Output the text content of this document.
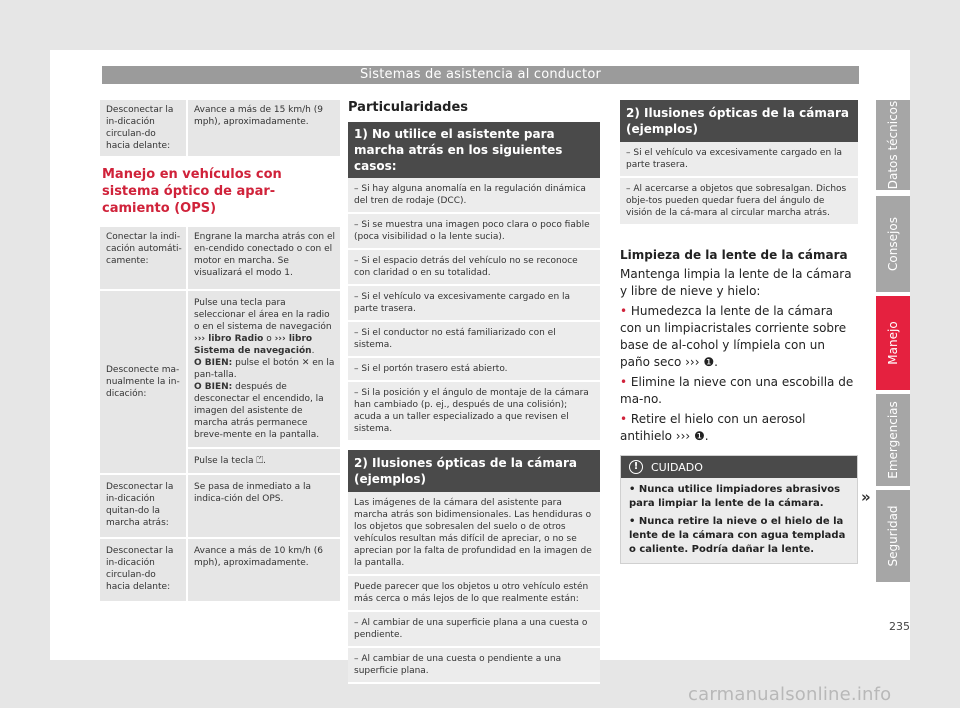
Sistemas de asistencia al conductor
Desconectar la in-dicación circulan-do hacia delante:
Avance a más de 15 km/h (9 mph), aproximadamente.
Manejo en vehículos con sistema óptico de apar-camiento (OPS)
Conectar la indi-cación automáti-camente:
Engrane la marcha atrás con el en-cendido conectado o con el motor en marcha. Se visualizará el modo 1.
Desconecte ma-nualmente la in-dicación:
Pulse una tecla para seleccionar el área en la radio o en el sistema de navegación ››› libro Radio o ››› libro Sistema de navegación.
O BIEN: pulse el botón ✕ en la pan-talla.
O BIEN: después de desconectar el encendido, la imagen del asistente de marcha atrás permanece breve-mente en la pantalla.
Pulse la tecla ⏍.
Desconectar la in-dicación quitan-do la marcha atrás:
Se pasa de inmediato a la indica-ción del OPS.
Desconectar la in-dicación circulan-do hacia delante:
Avance a más de 10 km/h (6 mph), aproximadamente.
Particularidades
1) No utilice el asistente para marcha atrás en los siguientes casos:
– Si hay alguna anomalía en la regulación dinámica del tren de rodaje (DCC).
– Si se muestra una imagen poco clara o poco fiable (poca visibilidad o la lente sucia).
– Si el espacio detrás del vehículo no se reconoce con claridad o en su totalidad.
– Si el vehículo va excesivamente cargado en la parte trasera.
– Si el conductor no está familiarizado con el sistema.
– Si el portón trasero está abierto.
– Si la posición y el ángulo de montaje de la cámara han cambiado (p. ej., después de una colisión); acuda a un taller especializado a que revisen el sistema.
2) Ilusiones ópticas de la cámara (ejemplos)
Las imágenes de la cámara del asistente para marcha atrás son bidimensionales. Las hendiduras o los objetos que sobresalen del suelo o de otros vehículos resultan más difícil de apreciar, o no se aprecian por la falta de profundidad en la imagen de la pantalla.
Puede parecer que los objetos u otro vehículo estén más cerca o más lejos de lo que realmente están:
– Al cambiar de una superficie plana a una cuesta o pendiente.
– Al cambiar de una cuesta o pendiente a una superficie plana.
2) Ilusiones ópticas de la cámara (ejemplos)
– Si el vehículo va excesivamente cargado en la parte trasera.
– Al acercarse a objetos que sobresalgan. Dichos obje-tos pueden quedar fuera del ángulo de visión de la cá-mara al circular marcha atrás.
Limpieza de la lente de la cámara
Mantenga limpia la lente de la cámara y libre de nieve y hielo:
• Humedezca la lente de la cámara con un limpiacristales corriente sobre base de al-cohol y límpiela con un paño seco ››› ❶.
• Elimine la nieve con una escobilla de ma-no.
• Retire el hielo con un aerosol antihielo ››› ❶.
!	CUIDADO
• Nunca utilice limpiadores abrasivos para limpiar la lente de la cámara.
• Nunca retire la nieve o el hielo de la lente de la cámara con agua templada o caliente. Podría dañar la lente.
»
Datos técnicos
Consejos
Manejo
Emergencias
Seguridad
235
carmanualsonline.info
